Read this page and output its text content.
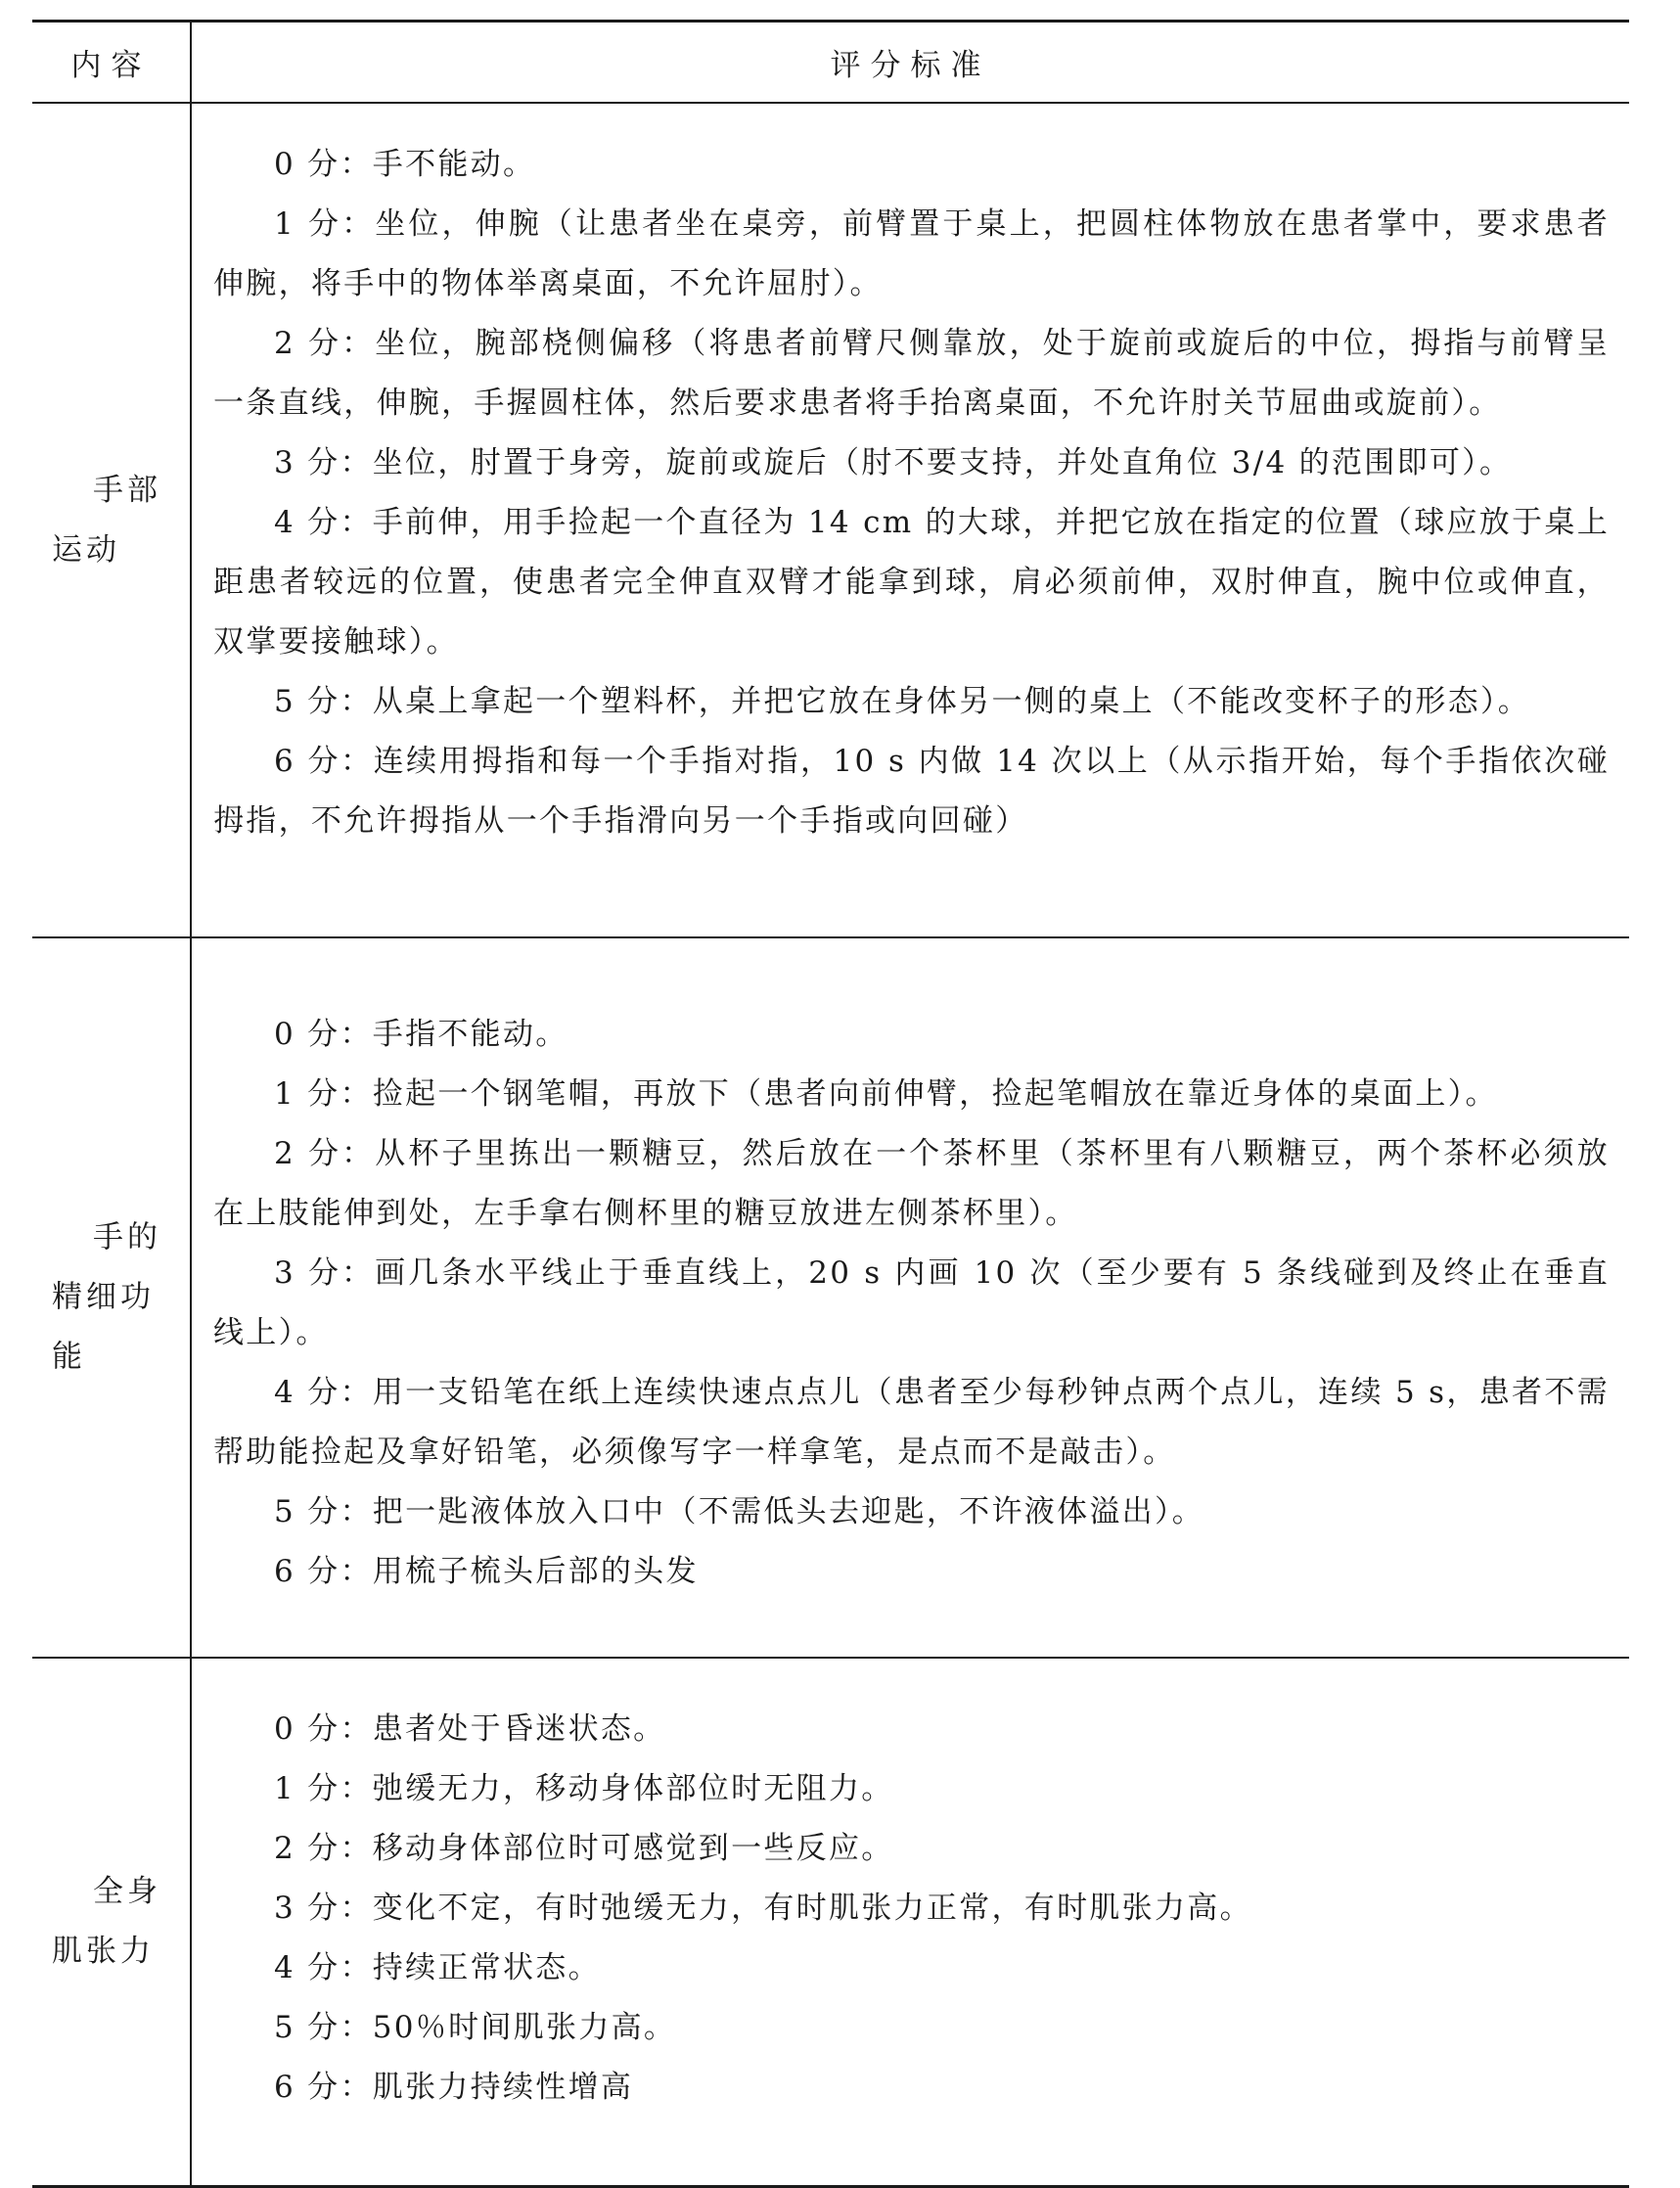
内容	评分标准
手部
运动

0 分：手不能动。

1 分：坐位，伸腕（让患者坐在桌旁，前臂置于桌上，把圆柱体物放在患者掌中，要求患者伸腕，将手中的物体举离桌面，不允许屈肘）。

2 分：坐位，腕部桡侧偏移（将患者前臂尺侧靠放，处于旋前或旋后的中位，拇指与前臂呈一条直线，伸腕，手握圆柱体，然后要求患者将手抬离桌面，不允许肘关节屈曲或旋前）。

3 分：坐位，肘置于身旁，旋前或旋后（肘不要支持，并处直角位 3/4 的范围即可）。

4 分：手前伸，用手捡起一个直径为 14 cm 的大球，并把它放在指定的位置（球应放于桌上距患者较远的位置，使患者完全伸直双臂才能拿到球，肩必须前伸，双肘伸直，腕中位或伸直，双掌要接触球）。

5 分：从桌上拿起一个塑料杯，并把它放在身体另一侧的桌上（不能改变杯子的形态）。

6 分：连续用拇指和每一个手指对指，10 s 内做 14 次以上（从示指开始，每个手指依次碰拇指，不允许拇指从一个手指滑向另一个手指或向回碰）

手的
精细功
能

0 分：手指不能动。

1 分：捡起一个钢笔帽，再放下（患者向前伸臂，捡起笔帽放在靠近身体的桌面上）。

2 分：从杯子里拣出一颗糖豆，然后放在一个茶杯里（茶杯里有八颗糖豆，两个茶杯必须放在上肢能伸到处，左手拿右侧杯里的糖豆放进左侧茶杯里）。

3 分：画几条水平线止于垂直线上，20 s 内画 10 次（至少要有 5 条线碰到及终止在垂直线上）。

4 分：用一支铅笔在纸上连续快速点点儿（患者至少每秒钟点两个点儿，连续 5 s，患者不需帮助能捡起及拿好铅笔，必须像写字一样拿笔，是点而不是敲击）。

5 分：把一匙液体放入口中（不需低头去迎匙，不许液体溢出）。

6 分：用梳子梳头后部的头发

全身
肌张力

0 分：患者处于昏迷状态。

1 分：弛缓无力，移动身体部位时无阻力。

2 分：移动身体部位时可感觉到一些反应。

3 分：变化不定，有时弛缓无力，有时肌张力正常，有时肌张力高。

4 分：持续正常状态。

5 分：50％时间肌张力高。

6 分：肌张力持续性增高
